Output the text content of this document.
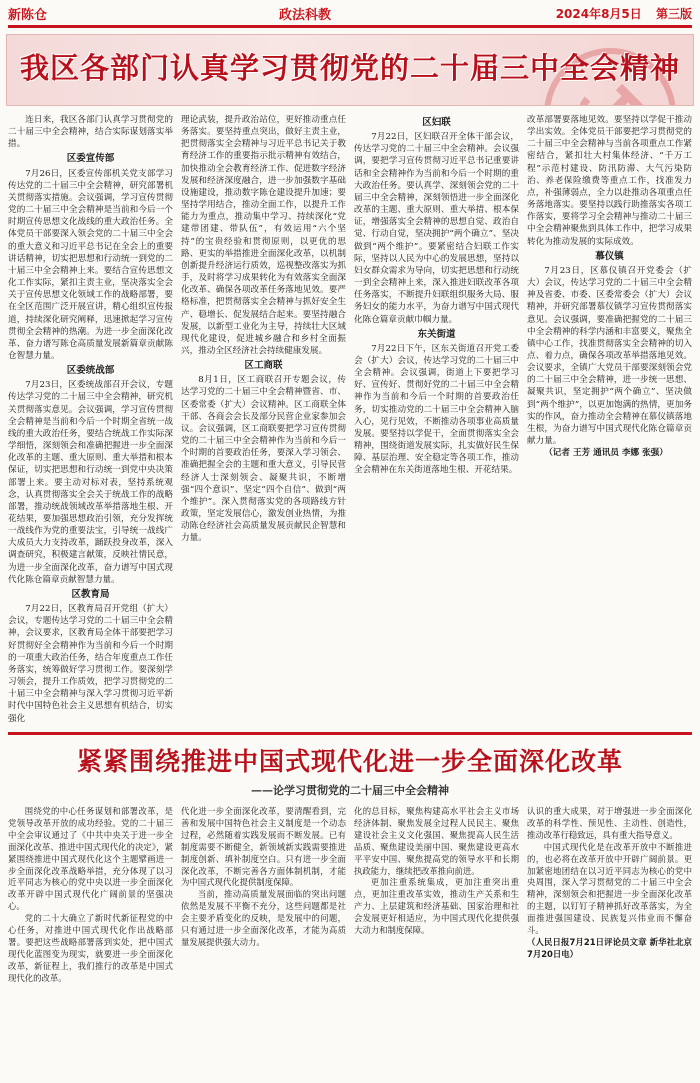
新陈仓	政法科教	2024年8月5日 第三版
我区各部门认真学习贯彻党的二十届三中全会精神

连日来，我区各部门认真学习贯彻党的二十届三中全会精神，结合实际谋划落实举措。

区委宣传部

7月26日，区委宣传部机关党支部学习传达党的二十届三中全会精神，研究部署机关贯彻落实措施。会议强调，学习宣传贯彻党的二十届三中全会精神是当前和今后一个时期宣传思想文化战线的重大政治任务。全体党员干部要深入领会党的二十届三中全会的重大意义和习近平总书记在全会上的重要讲话精神，切实把思想和行动统一到党的二十届三中全会精神上来。要结合宣传思想文化工作实际，紧扣主责主业，坚决落实全会关于宣传思想文化领域工作的战略部署，要在全区范围广泛开展宣讲，精心组织宣传报道，持续深化研究阐释，迅速掀起学习宣传贯彻全会精神的热潮。为进一步全面深化改革、奋力谱写陈仓高质量发展新篇章贡献陈仓智慧力量。

区委统战部

7月23日，区委统战部召开会议，专题传达学习党的二十届三中全会精神，研究机关贯彻落实意见。会议强调，学习宣传贯彻全会精神是当前和今后一个时期全省统一战线的重大政治任务，要结合统战工作实际深学细悟，深刻领会和准确把握进一步全面深化改革的主题、重大原则、重大举措和根本保证，切实把思想和行动统一到党中央决策部署上来。要主动对标对表，坚持系统观念，认真贯彻落实全会关于统战工作的战略部署，推动统战领域改革举措落地生根、开花结果，要加强思想政治引领，充分发挥统一战线作为党的重要法宝，引导统一战线广大成员大力支持改革，踊跃投身改革，深入调查研究，积极建言献策，反映社情民意，为进一步全面深化改革，奋力谱写中国式现代化陈仓篇章贡献智慧力量。

区教育局

7月22日，区教育局召开党组（扩大）会议，专题传达学习党的二十届三中全会精神，会议要求，区教育局全体干部要把学习好贯彻好全会精神作为当前和今后一个时期的一项重大政治任务，结合年度重点工作任务落实，统筹做好学习贯彻工作。要深刻学习领会，提升工作质效，把学习贯彻党的二十届三中全会精神与深入学习贯彻习近平新时代中国特色社会主义思想有机结合，切实强化

理论武装，提升政治站位，更好推动重点任务落实。要坚持重点突出，做好主责主业，把贯彻落实全会精神与习近平总书记关于教育经济工作的重要指示批示精神有效结合，加快推动全会教育经济工作、促进数字经济发展和经济深度融合，进一步加强数字基础设施建设，推动数字陈仓建设提升加速；要坚持学用结合，推动全面工作，以提升工作能力为重点，推动集中学习、持续深化“党建带团建、带队伍”，有效运用“六个坚持”的宝贵经验和贯彻原则，以更优的思路、更实的举措推进全面深化改革，以机制创新提升经济运行质效，巡视整改落实为抓手，及时将学习成果转化为有效落实全面深化改革、确保各项改革任务落地见效。要严格标准，把贯彻落实全会精神与抓好安全生产、稳增长、促发展结合起来。要坚持融合发展，以新型工业化为主导，持续壮大区域现代化建设，促进城乡融合和乡村全面振兴，推动全区经济社会持续健康发展。

区工商联

8月1日，区工商联召开专题会议，传达学习党的二十届三中全会精神暨省、市、区委常委（扩大）会议精神。区工商联全体干部、各商会会长及部分民营企业家参加会议。会议强调，区工商联要把学习宣传贯彻党的二十届三中全会精神作为当前和今后一个时期的首要政治任务，要深入学习领会、准确把握全会的主题和重大意义，引导民营经济人士深刻领会、凝聚共识，不断增强“四个意识”、坚定“四个自信”、做到“两个维护”。深入贯彻落实党的各项路线方针政策，坚定发展信心，激发创业热情，为推动陈仓经济社会高质量发展贡献民企智慧和力量。

区妇联

7月22日，区妇联召开全体干部会议，传达学习党的二十届三中全会精神。会议强调，要把学习宣传贯彻习近平总书记重要讲话和全会精神作为当前和今后一个时期的重大政治任务。要认真学、深刻领会党的二十届三中全会精神，深刻领悟进一步全面深化改革的主题、重大原则、重大举措、根本保证，增强落实全会精神的思想自觉、政治自觉、行动自觉，坚决拥护“两个确立”、坚决做到“两个维护”。要紧密结合妇联工作实际，坚持以人民为中心的发展思想，坚持以妇女群众需求为导向，切实把思想和行动统一到全会精神上来，深入推进妇联改革各项任务落实，不断提升妇联组织服务大局、服务妇女的能力水平，为奋力谱写中国式现代化陈仓篇章贡献巾帼力量。

东关街道

7月22日下午，区东关街道召开党工委会（扩大）会议，传达学习党的二十届三中全会精神。会议强调，街道上下要把学习好、宣传好、贯彻好党的二十届三中全会精神作为当前和今后一个时期的首要政治任务，切实推动党的二十届三中全会精神入脑入心，见行见效，不断推动各项事业高质量发展。要坚持以学促干，全面贯彻落实全会精神，围绕街道发展实际，扎实做好民生保障、基层治理、安全稳定等各项工作，推动全会精神在东关街道落地生根、开花结果。

改革部署要落地见效。要坚持以学促干推动学出实效。全体党员干部要把学习贯彻党的二十届三中全会精神与当前各项重点工作紧密结合，紧扣壮大村集体经济、“千万工程”示范村建设、防汛防滞、大气污染防治、养老保险缴费等重点工作，找准发力点，补强薄弱点，全力以赴推动各项重点任务落地落实。要坚持以践行助推落实各项工作落实，要将学习全会精神与推动二十届三中全会精神聚焦到具体工作中，把学习成果转化为推动发展的实际成效。

慕仪镇

7月23日，区慕仪镇召开党委会（扩大）会议，传达学习党的二十届三中全会精神及省委、市委、区委常委会（扩大）会议精神，并研究部署慕仪镇学习宣传贯彻落实意见。会议强调，要准确把握党的二十届三中全会精神的科学内涵和丰富要义，聚焦全镇中心工作，找准贯彻落实全会精神的切入点、着力点，确保各项改革举措落地见效。会议要求，全镇广大党员干部要深刻领会党的二十届三中全会精神，进一步统一思想、凝聚共识，坚定拥护“两个确立”、坚决做到“两个维护”，以更加饱满的热情，更加务实的作风，奋力推动全会精神在慕仪镇落地生根，为奋力谱写中国式现代化陈仓篇章贡献力量。

（记者 王芳 通讯员 李娜 张强）

紧紧围绕推进中国式现代化进一步全面深化改革
——论学习贯彻党的二十届三中全会精神

围绕党的中心任务谋划和部署改革，是党领导改革开放的成功经验。党的二十届三中全会审议通过了《中共中央关于进一步全面深化改革、推进中国式现代化的决定》，紧紧围绕推进中国式现代化这个主题擘画进一步全面深化改革战略举措，充分体现了以习近平同志为核心的党中央以进一步全面深化改革开辟中国式现代化广阔前景的坚强决心。

党的二十大确立了新时代新征程党的中心任务，对推进中国式现代化作出战略部署。要把这些战略部署落到实处，把中国式现代化蓝图变为现实，就要进一步全面深化改革，新征程上，我们推行的改革是中国式现代化的改革。

代化进一步全面深化改革，要清醒看到，完善和发展中国特色社会主义制度是一个动态过程，必然随着实践发展而不断发展。已有制度需要不断健全，新领域新实践需要推进制度创新、填补制度空白。只有进一步全面深化改革，不断完善各方面体制机制，才能为中国式现代化提供制度保障。

当前，推动高质量发展面临的突出问题依然是发展不平衡不充分，这些问题都是社会主要矛盾变化的反映，是发展中的问题，只有通过进一步全面深化改革，才能为高质量发展提供强大动力。

化的总目标，聚焦构建高水平社会主义市场经济体制、聚焦发展全过程人民民主、聚焦建设社会主义文化强国、聚焦提高人民生活品质、聚焦建设美丽中国、聚焦建设更高水平平安中国、聚焦提高党的领导水平和长期执政能力，继续把改革推向前进。

更加注重系统集成，更加注重突出重点，更加注重改革实效，推动生产关系和生产力、上层建筑和经济基础、国家治理和社会发展更好相适应，为中国式现代化提供强大动力和制度保障。

认识的重大成果，对于增强进一步全面深化改革的科学性、预见性、主动性、创造性，推动改革行稳致远，具有重大指导意义。

中国式现代化是在改革开放中不断推进的，也必将在改革开放中开辟广阔前景。更加紧密地团结在以习近平同志为核心的党中央周围，深入学习贯彻党的二十届三中全会精神，深刻领会和把握进一步全面深化改革的主题，以钉钉子精神抓好改革落实，为全面推进强国建设、民族复兴伟业而不懈奋斗。

（人民日报7月21日评论员文章 新华社北京7月20日电）
